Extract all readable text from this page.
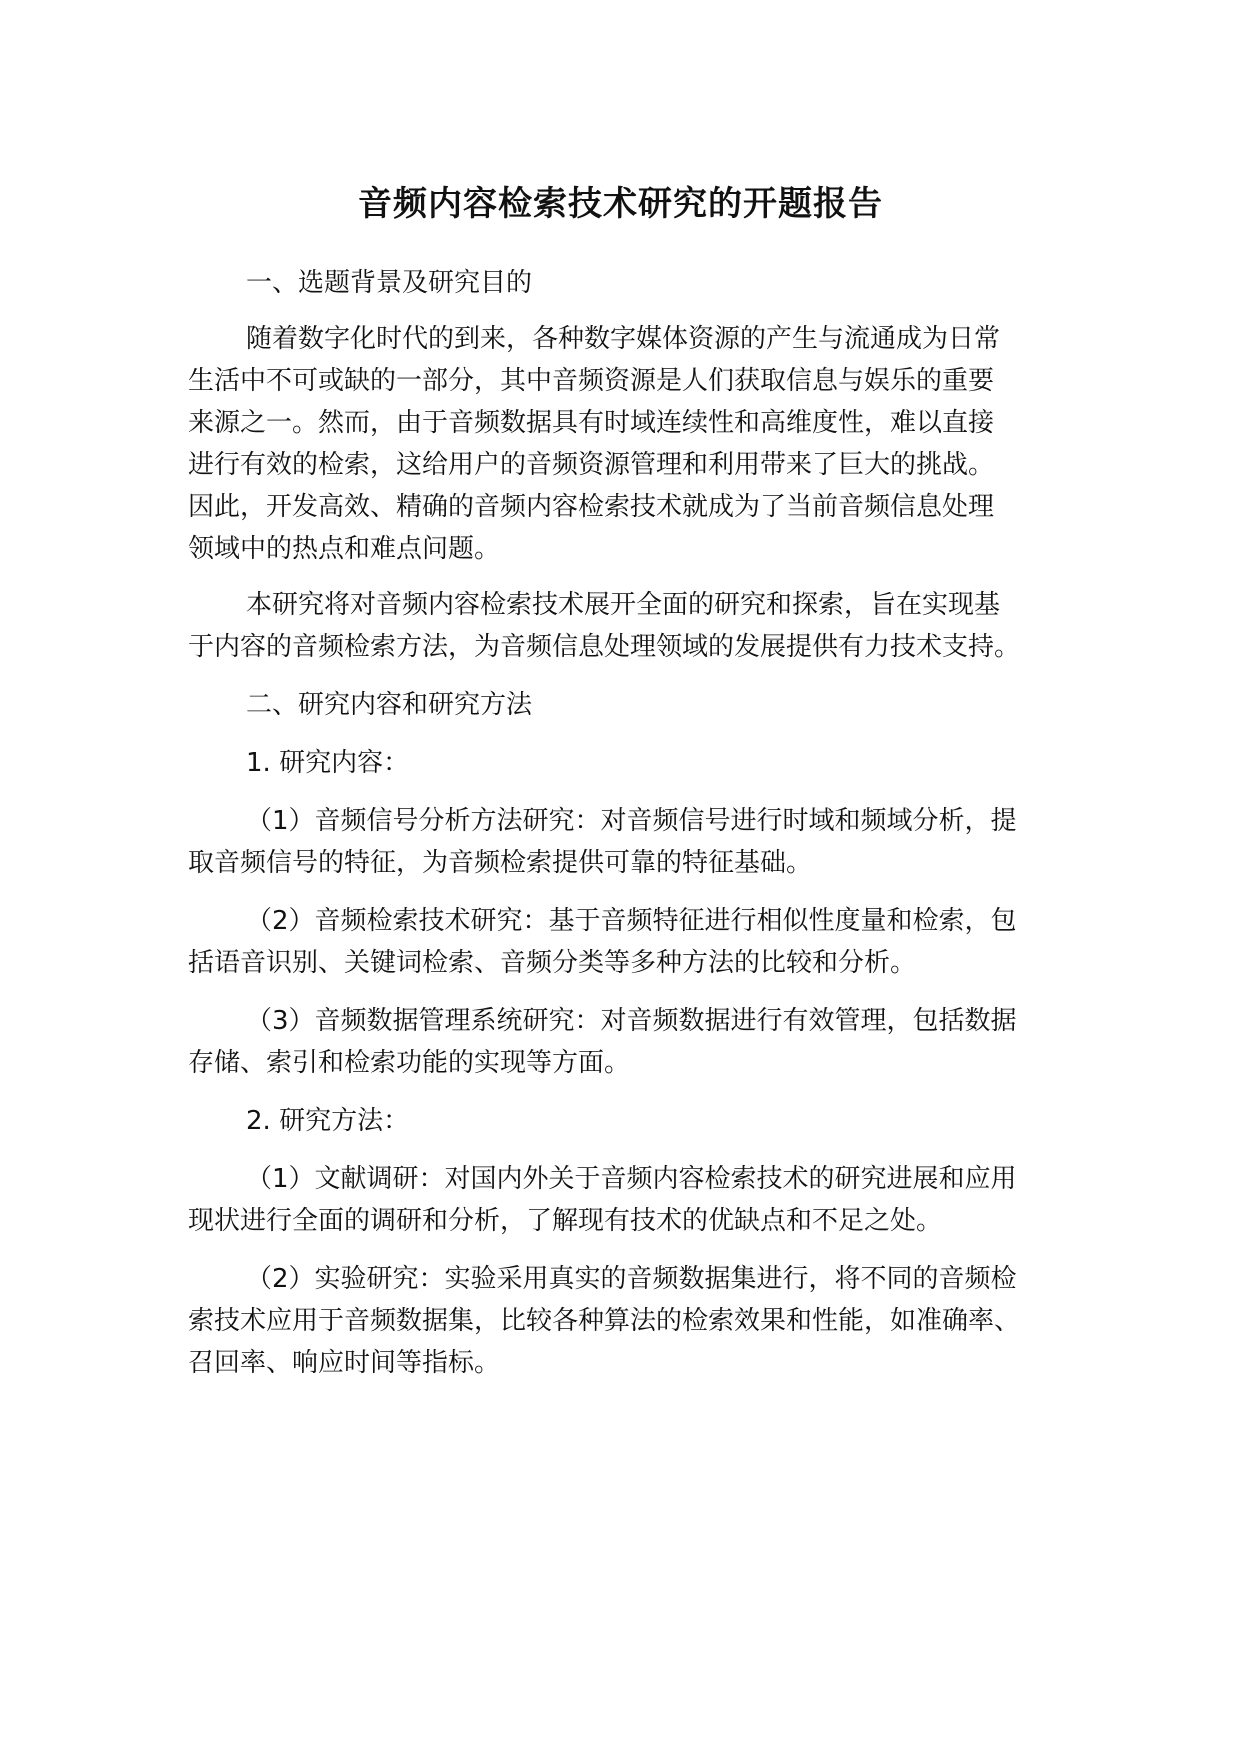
音频内容检索技术研究的开题报告

一、选题背景及研究目的

随着数字化时代的到来，各种数字媒体资源的产生与流通成为日常
生活中不可或缺的一部分，其中音频资源是人们获取信息与娱乐的重要
来源之一。然而，由于音频数据具有时域连续性和高维度性，难以直接
进行有效的检索，这给用户的音频资源管理和利用带来了巨大的挑战。
因此，开发高效、精确的音频内容检索技术就成为了当前音频信息处理
领域中的热点和难点问题。

本研究将对音频内容检索技术展开全面的研究和探索，旨在实现基
于内容的音频检索方法，为音频信息处理领域的发展提供有力技术支持。

二、研究内容和研究方法

1. 研究内容：

（1）音频信号分析方法研究：对音频信号进行时域和频域分析，提
取音频信号的特征，为音频检索提供可靠的特征基础。

（2）音频检索技术研究：基于音频特征进行相似性度量和检索，包
括语音识别、关键词检索、音频分类等多种方法的比较和分析。

（3）音频数据管理系统研究：对音频数据进行有效管理，包括数据
存储、索引和检索功能的实现等方面。

2. 研究方法：

（1）文献调研：对国内外关于音频内容检索技术的研究进展和应用
现状进行全面的调研和分析，了解现有技术的优缺点和不足之处。

（2）实验研究：实验采用真实的音频数据集进行，将不同的音频检
索技术应用于音频数据集，比较各种算法的检索效果和性能，如准确率、
召回率、响应时间等指标。
